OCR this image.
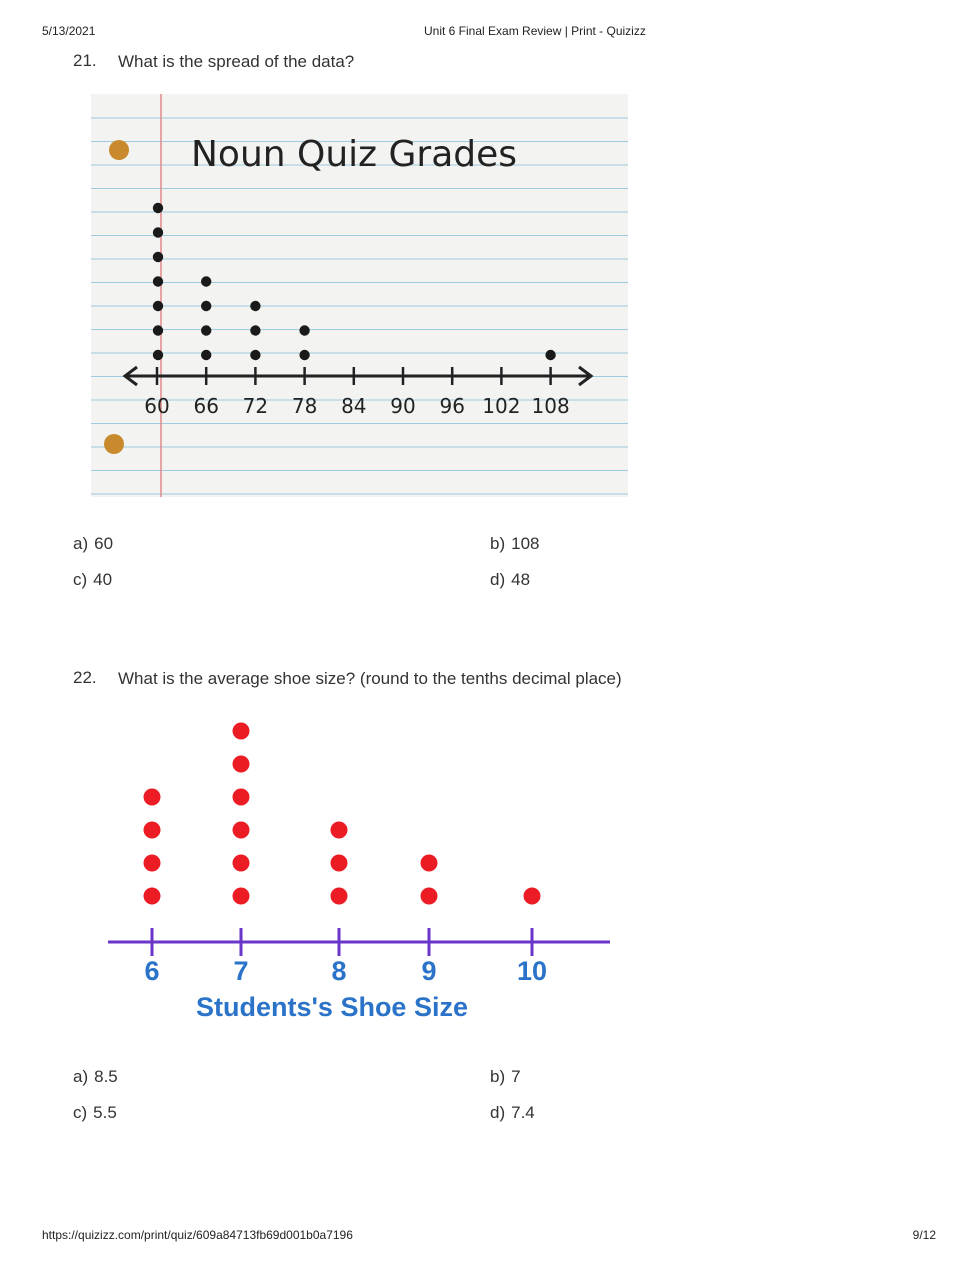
5/13/2021	Unit 6 Final Exam Review | Print - Quizizz
21. What is the spread of the data?
Noun Quiz Grades
60 66 72 78 84 90 96 102 108
a) 60	b) 108
c) 40	d) 48
22. What is the average shoe size? (round to the tenths decimal place)
6	7	8	9	10
Students's Shoe Size
a) 8.5	b) 7
c) 5.5	d) 7.4
https://quizizz.com/print/quiz/609a84713fb69d001b0a7196	9/12
